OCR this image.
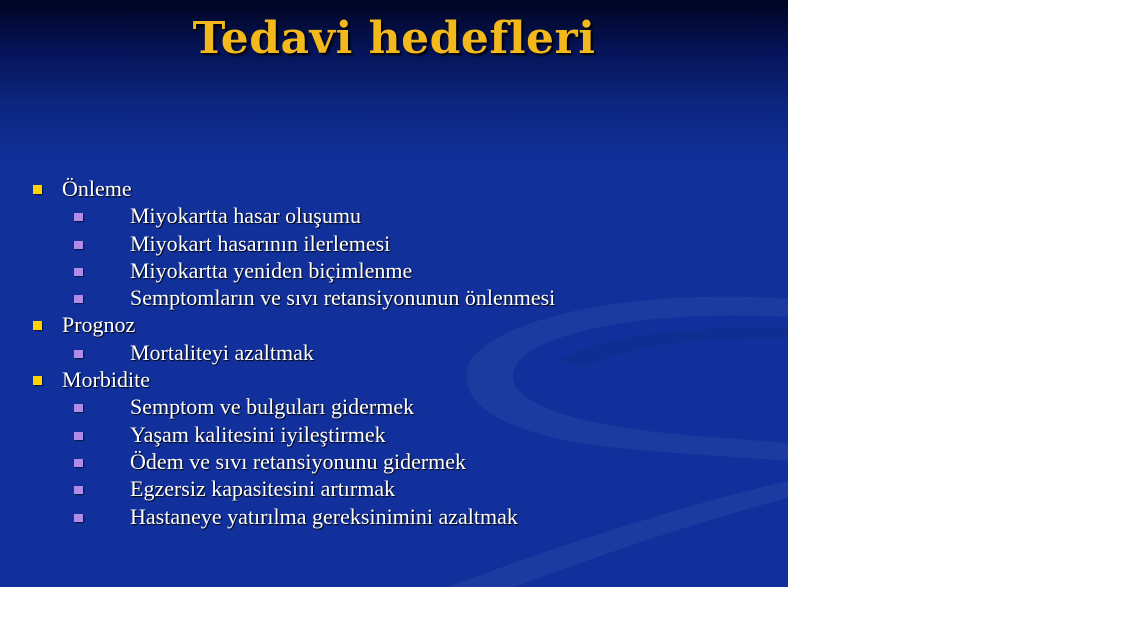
Tedavi hedefleri
Önleme
Miyokartta hasar oluşumu
Miyokart hasarının ilerlemesi
Miyokartta yeniden biçimlenme
Semptomların ve sıvı retansiyonunun önlenmesi
Prognoz
Mortaliteyi azaltmak
Morbidite
Semptom ve bulguları gidermek
Yaşam kalitesini iyileştirmek
Ödem ve sıvı retansiyonunu gidermek
Egzersiz kapasitesini artırmak
Hastaneye yatırılma gereksinimini azaltmak
